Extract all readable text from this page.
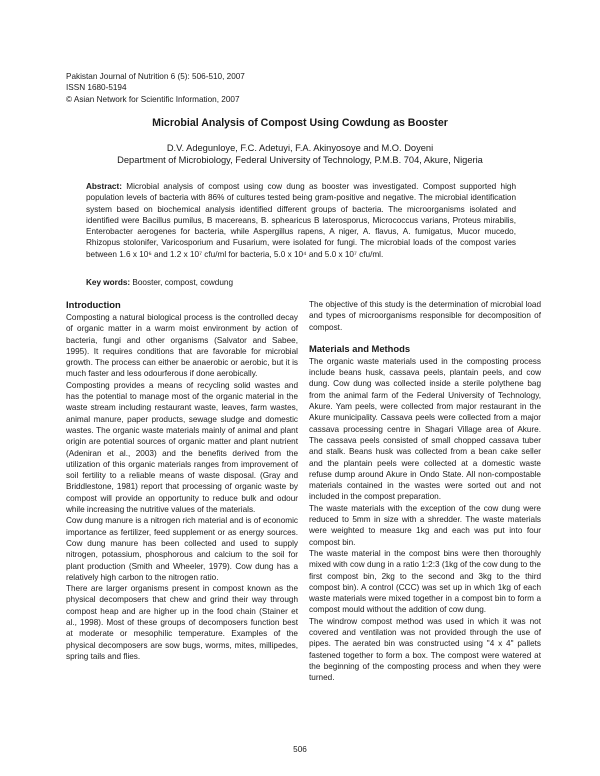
Pakistan Journal of Nutrition 6 (5): 506-510, 2007
ISSN 1680-5194
© Asian Network for Scientific Information, 2007
Microbial Analysis of Compost Using Cowdung as Booster
D.V. Adegunloye, F.C. Adetuyi, F.A. Akinyosoye and M.O. Doyeni
Department of Microbiology, Federal University of Technology, P.M.B. 704, Akure, Nigeria
Abstract: Microbial analysis of compost using cow dung as booster was investigated. Compost supported high population levels of bacteria with 86% of cultures tested being gram-positive and negative. The microbial identification system based on biochemical analysis identified different groups of bacteria. The microorganisms isolated and identified were Bacillus pumilus, B macereans, B. sphearicus B laterosporus, Micrococcus varians, Proteus mirabilis, Enterobacter aerogenes for bacteria, while Aspergillus rapens, A niger, A. flavus, A. fumigatus, Mucor mucedo, Rhizopus stolonifer, Varicosporium and Fusarium, were isolated for fungi. The microbial loads of the compost varies between 1.6 x 10⁶ and 1.2 x 10⁷ cfu/ml for bacteria, 5.0 x 10⁴ and 5.0 x 10⁷ cfu/ml.
Key words: Booster, compost, cowdung
Introduction

Composting a natural biological process is the controlled decay of organic matter in a warm moist environment by action of bacteria, fungi and other organisms (Salvator and Sabee, 1995). It requires conditions that are favorable for microbial growth. The process can either be anaerobic or aerobic, but it is much faster and less odourferous if done aerobically.

Composting provides a means of recycling solid wastes and has the potential to manage most of the organic material in the waste stream including restaurant waste, leaves, farm wastes, animal manure, paper products, sewage sludge and domestic wastes. The organic waste materials mainly of animal and plant origin are potential sources of organic matter and plant nutrient (Adeniran et al., 2003) and the benefits derived from the utilization of this organic materials ranges from improvement of soil fertility to a reliable means of waste disposal. (Gray and Briddlestone, 1981) report that processing of organic waste by compost will provide an opportunity to reduce bulk and odour while increasing the nutritive values of the materials.

Cow dung manure is a nitrogen rich material and is of economic importance as fertilizer, feed supplement or as energy sources. Cow dung manure has been collected and used to supply nitrogen, potassium, phosphorous and calcium to the soil for plant production (Smith and Wheeler, 1979). Cow dung has a relatively high carbon to the nitrogen ratio.

There are larger organisms present in compost known as the physical decomposers that chew and grind their way through compost heap and are higher up in the food chain (Stainer et al., 1998). Most of these groups of decomposers function best at moderate or mesophilic temperature. Examples of the physical decomposers are sow bugs, worms, mites, millipedes, spring tails and flies.

The objective of this study is the determination of microbial load and types of microorganisms responsible for decomposition of compost.

Materials and Methods

The organic waste materials used in the composting process include beans husk, cassava peels, plantain peels, and cow dung. Cow dung was collected inside a sterile polythene bag from the animal farm of the Federal University of Technology, Akure. Yam peels, were collected from major restaurant in the Akure municipality. Cassava peels were collected from a major cassava processing centre in Shagari Village area of Akure. The cassava peels consisted of small chopped cassava tuber and stalk. Beans husk was collected from a bean cake seller and the plantain peels were collected at a domestic waste refuse dump around Akure in Ondo State. All non-compostable materials contained in the wastes were sorted out and not included in the compost preparation.

The waste materials with the exception of the cow dung were reduced to 5mm in size with a shredder. The waste materials were weighted to measure 1kg and each was put into four compost bin.

The waste material in the compost bins were then thoroughly mixed with cow dung in a ratio 1:2:3 (1kg of the cow dung to the first compost bin, 2kg to the second and 3kg to the third compost bin). A control (CCC) was set up in which 1kg of each waste materials were mixed together in a compost bin to form a compost mould without the addition of cow dung.

The windrow compost method was used in which it was not covered and ventilation was not provided through the use of pipes. The aerated bin was constructed using "4 x 4" pallets fastened together to form a box. The compost were watered at the beginning of the composting process and when they were turned.

506
